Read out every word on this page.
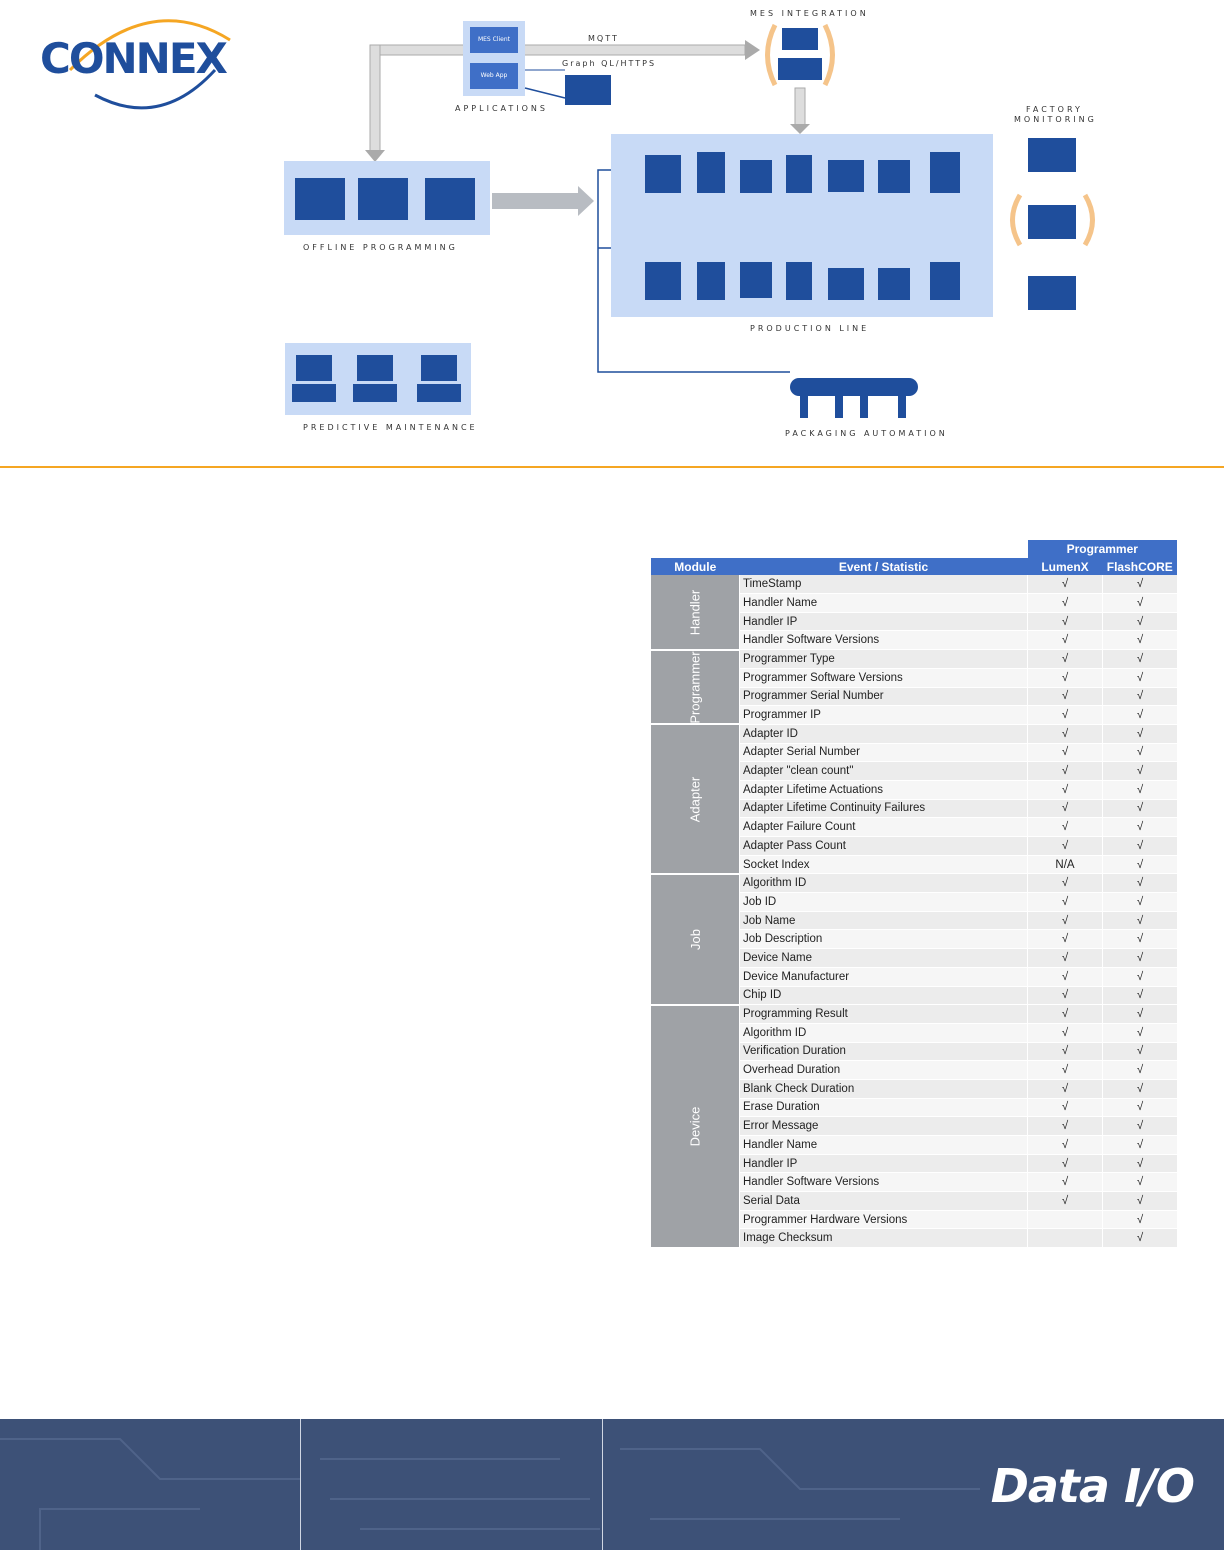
CONNEX	MES Client
Web App
APPLICATIONS
MQTT
Graph QL/HTTPS
MES INTEGRATION
OFFLINE PROGRAMMING
PRODUCTION LINE
FACTORY
MONITORING
PREDICTIVE MAINTENANCE
PACKAGING AUTOMATION
		Programmer	
Module	Event / Statistic	LumenX	FlashCORE
Handler	TimeStamp	√	√
	Handler Name	√	√
	Handler IP	√	√
	Handler Software Versions	√	√
Programmer	Programmer Type	√	√
	Programmer Software Versions	√	√
	Programmer Serial Number	√	√
	Programmer IP	√	√
Adapter	Adapter ID	√	√
	Adapter Serial Number	√	√
	Adapter "clean count"	√	√
	Adapter Lifetime Actuations	√	√
	Adapter Lifetime Continuity Failures	√	√
	Adapter Failure Count	√	√
	Adapter Pass Count	√	√
	Socket Index	N/A	√
Job	Algorithm ID	√	√
	Job ID	√	√
	Job Name	√	√
	Job Description	√	√
	Device Name	√	√
	Device Manufacturer	√	√
	Chip ID	√	√
Device	Programming Result	√	√
	Algorithm ID	√	√
	Verification Duration	√	√
	Overhead Duration	√	√
	Blank Check Duration	√	√
	Erase Duration	√	√
	Error Message	√	√
	Handler Name	√	√
	Handler IP	√	√
	Handler Software Versions	√	√
	Serial Data	√	√
	Programmer Hardware Versions		√
	Image Checksum		√
Data I/O
